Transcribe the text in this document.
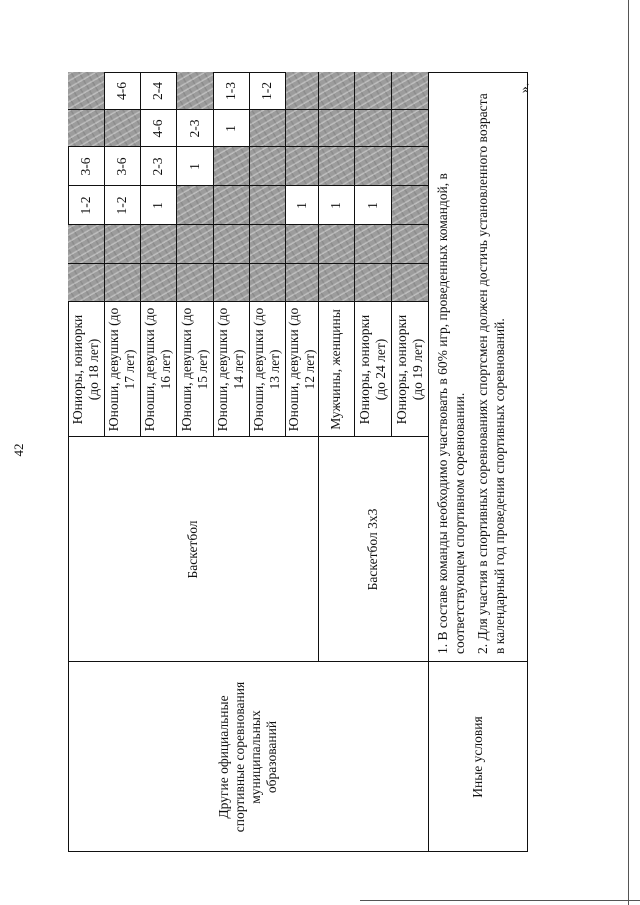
42
».
Другие официальные спортивные соревнования муниципальных образований
Баскетбол	Баскетбол 3х3
Иные условия
1. В составе команды необходимо участвовать в 60% игр, проведенных командой, в соответствующем спортивном соревновании. 2. Для участия в спортивных соревнованиях спортсмен должен достичь установленного возраста в календарный год проведения спортивных соревнований.
Юниоры, юниорки (до 18 лет)
1-2
3-6
Юноши, девушки (до 17 лет)
1-2
3-6
4-6
Юноши, девушки (до 16 лет)
1
2-3
4-6
2-4
Юноши, девушки (до 15 лет)
1
2-3
Юноши, девушки (до 14 лет)
1
1-3
Юноши, девушки (до 13 лет)
1-2
Юноши, девушки (до 12 лет)
1
Мужчины, женщины
1
Юниоры, юниорки (до 24 лет)
1
Юниоры, юниорки (до 19 лет)
